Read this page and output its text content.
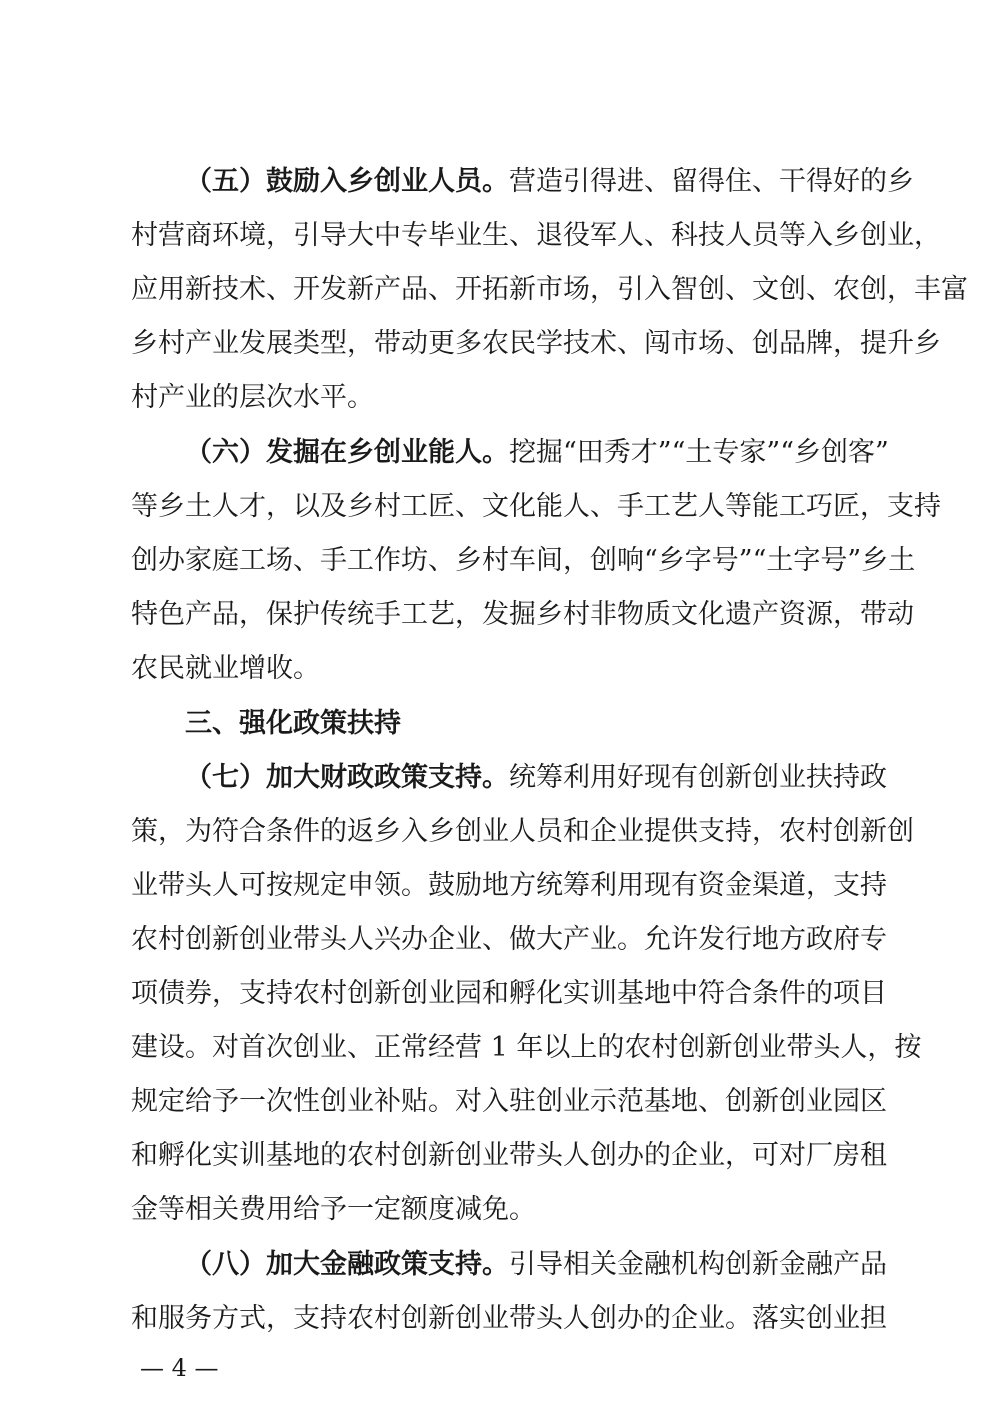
（五）鼓励入乡创业人员。营造引得进、留得住、干得好的乡
村营商环境，引导大中专毕业生、退役军人、科技人员等入乡创业，
应用新技术、开发新产品、开拓新市场，引入智创、文创、农创，丰富
乡村产业发展类型，带动更多农民学技术、闯市场、创品牌，提升乡
村产业的层次水平。
（六）发掘在乡创业能人。挖掘“田秀才”“土专家”“乡创客”
等乡土人才，以及乡村工匠、文化能人、手工艺人等能工巧匠，支持
创办家庭工场、手工作坊、乡村车间，创响“乡字号”“土字号”乡土
特色产品，保护传统手工艺，发掘乡村非物质文化遗产资源，带动
农民就业增收。
三、强化政策扶持
（七）加大财政政策支持。统筹利用好现有创新创业扶持政
策，为符合条件的返乡入乡创业人员和企业提供支持，农村创新创
业带头人可按规定申领。鼓励地方统筹利用现有资金渠道，支持
农村创新创业带头人兴办企业、做大产业。允许发行地方政府专
项债券，支持农村创新创业园和孵化实训基地中符合条件的项目
建设。对首次创业、正常经营 1 年以上的农村创新创业带头人，按
规定给予一次性创业补贴。对入驻创业示范基地、创新创业园区
和孵化实训基地的农村创新创业带头人创办的企业，可对厂房租
金等相关费用给予一定额度减免。
（八）加大金融政策支持。引导相关金融机构创新金融产品
和服务方式，支持农村创新创业带头人创办的企业。落实创业担
— 4 —
